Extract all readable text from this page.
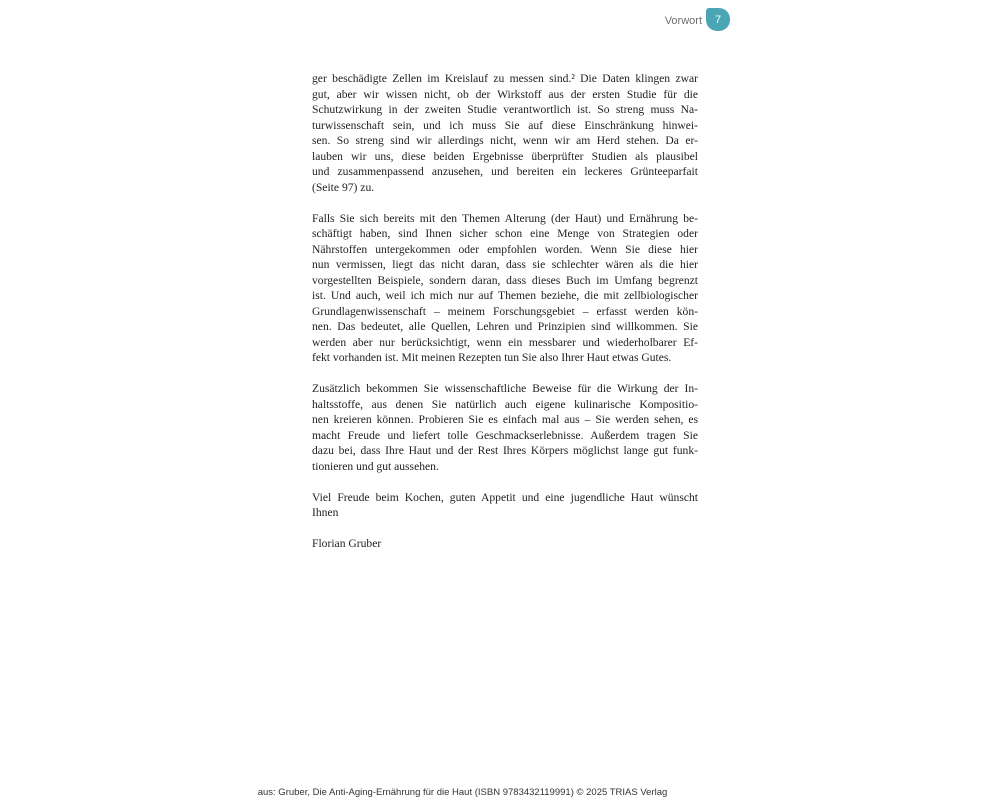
Vorwort	7

ger beschädigte Zellen im Kreislauf zu messen sind.² Die Daten klingen zwar
gut, aber wir wissen nicht, ob der Wirkstoff aus der ersten Studie für die
Schutzwirkung in der zweiten Studie verantwortlich ist. So streng muss Na-
turwissenschaft sein, und ich muss Sie auf diese Einschränkung hinwei-
sen. So streng sind wir allerdings nicht, wenn wir am Herd stehen. Da er-
lauben wir uns, diese beiden Ergebnisse überprüfter Studien als plausibel
und zusammenpassend anzusehen, und bereiten ein leckeres Grünteeparfait
(Seite 97) zu.

Falls Sie sich bereits mit den Themen Alterung (der Haut) und Ernährung be-
schäftigt haben, sind Ihnen sicher schon eine Menge von Strategien oder
Nährstoffen untergekommen oder empfohlen worden. Wenn Sie diese hier
nun vermissen, liegt das nicht daran, dass sie schlechter wären als die hier
vorgestellten Beispiele, sondern daran, dass dieses Buch im Umfang begrenzt
ist. Und auch, weil ich mich nur auf Themen beziehe, die mit zellbiologischer
Grundlagenwissenschaft – meinem Forschungsgebiet – erfasst werden kön-
nen. Das bedeutet, alle Quellen, Lehren und Prinzipien sind willkommen. Sie
werden aber nur berücksichtigt, wenn ein messbarer und wiederholbarer Ef-
fekt vorhanden ist. Mit meinen Rezepten tun Sie also Ihrer Haut etwas Gutes.

Zusätzlich bekommen Sie wissenschaftliche Beweise für die Wirkung der In-
haltsstoffe, aus denen Sie natürlich auch eigene kulinarische Kompositio-
nen kreieren können. Probieren Sie es einfach mal aus – Sie werden sehen, es
macht Freude und liefert tolle Geschmackserlebnisse. Außerdem tragen Sie
dazu bei, dass Ihre Haut und der Rest Ihres Körpers möglichst lange gut funk-
tionieren und gut aussehen.

Viel Freude beim Kochen, guten Appetit und eine jugendliche Haut wünscht
Ihnen

Florian Gruber

aus: Gruber, Die Anti-Aging-Ernährung für die Haut (ISBN 9783432119991) © 2025 TRIAS Verlag
